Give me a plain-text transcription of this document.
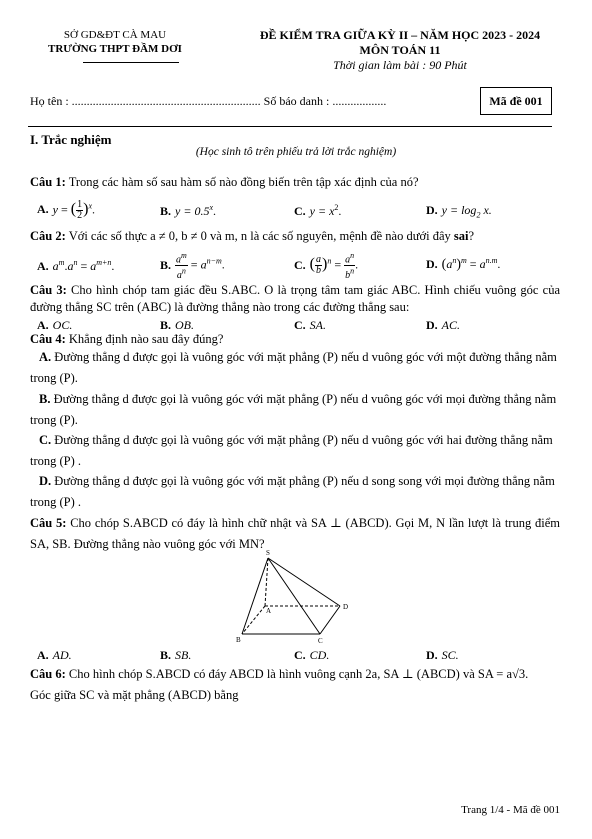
SỞ GD&ĐT CÀ MAU
TRƯỜNG THPT ĐẦM DƠI
ĐỀ KIỂM TRA GIỮA KỲ II – NĂM HỌC 2023 - 2024
MÔN TOÁN 11
Thời gian làm bài : 90 Phút
Họ tên : ............................................................... Số báo danh : ..................	Mã đề 001
I. Trắc nghiệm
(Học sinh tô trên phiếu trả lời trắc nghiệm)
Câu 1: Trong các hàm số sau hàm số nào đồng biến trên tập xác định của nó?
A. y = ( $\frac{1}{2})^x$.	B. $y = 0.5^x$.	C. $y = x^2$.	D. $y = \log_2 x$.
Câu 2: Với các số thực a ≠ 0, b ≠ 0 và m, n là các số nguyên, mệnh đề nào dưới đây sai?
A. $a^m.a^n = a^{m+n}$.	B. $\frac{a^m}{a^n} = a^{n-m}$.	C. ( $\frac{a}{b})^n = \frac{a^n}{b^n}$.	D. $(a^n)^m = a^{n.m}$.
Câu 3: Cho hình chóp tam giác đều S.ABC. O là trọng tâm tam giác ABC. Hình chiếu vuông góc của đường thẳng SC trên (ABC) là đường thẳng nào trong các đường thẳng sau:
A. OC.	B. OB.	C. SA.	D. AC.
Câu 4: Khẳng định nào sau đây đúng?
A. Đường thẳng d được gọi là vuông góc với mặt phẳng (P) nếu d vuông góc với một đường thẳng nằm trong (P).
B. Đường thẳng d được gọi là vuông góc với mặt phẳng (P) nếu d vuông góc với mọi đường thẳng nằm trong (P).
C. Đường thẳng d được gọi là vuông góc với mặt phẳng (P) nếu d vuông góc với hai đường thẳng nằm trong (P) .
D. Đường thẳng d được gọi là vuông góc với mặt phẳng (P) nếu d song song với mọi đường thẳng nằm trong (P) .
Câu 5: Cho chóp S.ABCD có đáy là hình chữ nhật và SA ⊥ (ABCD). Gọi M, N lần lượt là trung điểm SA, SB. Đường thẳng nào vuông góc với MN?
S
A
B	C
D
A. AD.	B. SB.	C. CD.	D. SC.
Câu 6: Cho hình chóp S.ABCD có đáy ABCD là hình vuông cạnh 2a, SA ⊥ (ABCD) và SA = a√3.
Góc giữa SC và mặt phẳng (ABCD) bằng
Trang 1/4 - Mã đề 001
